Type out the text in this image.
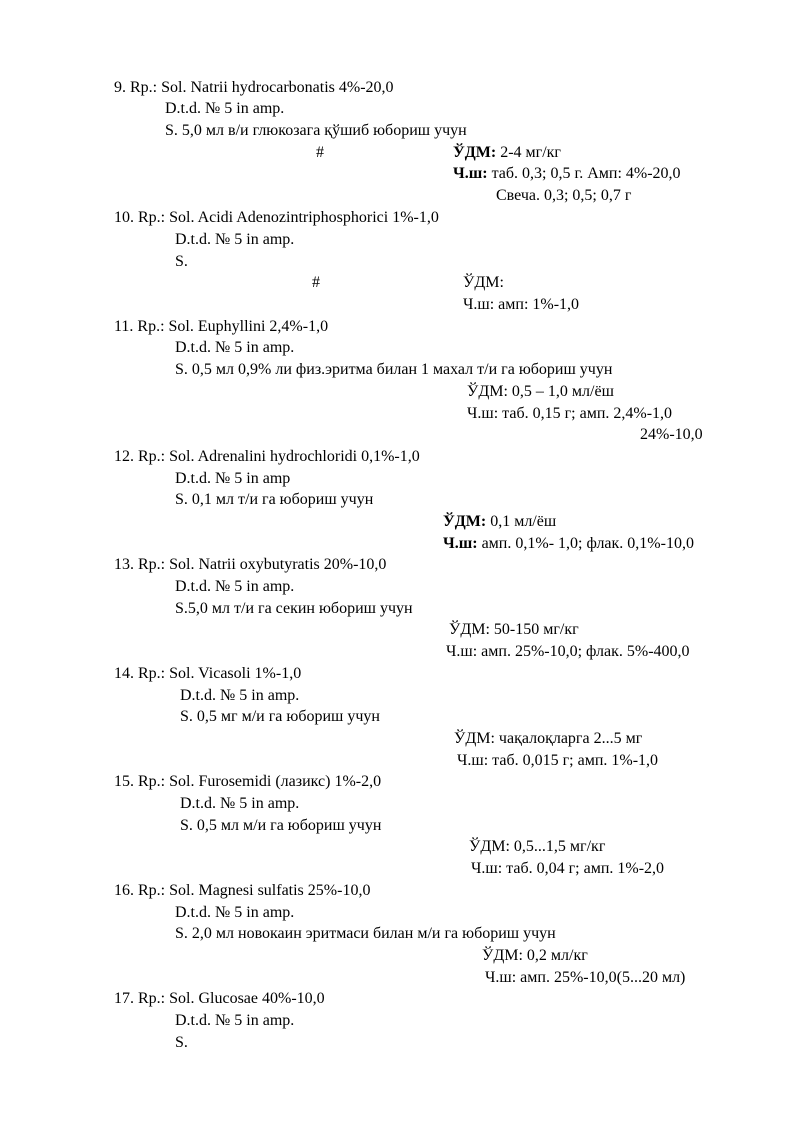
9. Rp.: Sol. Natrii hydrocarbonatis 4%-20,0
D.t.d. № 5 in amp.
S. 5,0 мл в/и глюкозага қўшиб юбориш учун
#	ЎДМ: 2-4 мг/кг
Ч.ш: таб. 0,3; 0,5 г. Амп: 4%-20,0
Свеча. 0,3; 0,5; 0,7 г
10. Rp.: Sol. Acidi Adenozintriphosphorici 1%-1,0
D.t.d. № 5 in amp.
S.
#	ЎДМ:
Ч.ш: амп: 1%-1,0
11. Rp.: Sol. Euphyllini 2,4%-1,0
D.t.d. № 5 in amp.
S. 0,5 мл 0,9% ли физ.эритма билан 1 махал т/и га юбориш учун
ЎДМ: 0,5 – 1,0 мл/ёш
Ч.ш: таб. 0,15 г; амп. 2,4%-1,0
24%-10,0
12. Rp.: Sol. Adrenalini hydrochloridi 0,1%-1,0
D.t.d. № 5 in amp
S. 0,1 мл т/и га юбориш учун
ЎДМ: 0,1 мл/ёш
Ч.ш: амп. 0,1%- 1,0; флак. 0,1%-10,0
13. Rp.: Sol. Natrii oxybutyratis 20%-10,0
D.t.d. № 5 in amp.
S.5,0 мл т/и га секин юбориш учун
ЎДМ: 50-150 мг/кг
Ч.ш: амп. 25%-10,0; флак. 5%-400,0
14. Rp.: Sol. Vicasoli 1%-1,0
D.t.d. № 5 in amp.
S. 0,5 мг м/и га юбориш учун
ЎДМ: чақалоқларга 2...5 мг
Ч.ш: таб. 0,015 г; амп. 1%-1,0
15. Rp.: Sol. Furosemidi (лазикс) 1%-2,0
D.t.d. № 5 in amp.
S. 0,5 мл м/и га юбориш учун
ЎДМ: 0,5...1,5 мг/кг
Ч.ш: таб. 0,04 г; амп. 1%-2,0
16. Rp.: Sol. Magnesi sulfatis 25%-10,0
D.t.d. № 5 in amp.
S. 2,0 мл новокаин эритмаси билан м/и га юбориш учун
ЎДМ: 0,2 мл/кг
Ч.ш: амп. 25%-10,0(5...20 мл)
17. Rp.: Sol. Glucosae 40%-10,0
D.t.d. № 5 in amp.
S.
